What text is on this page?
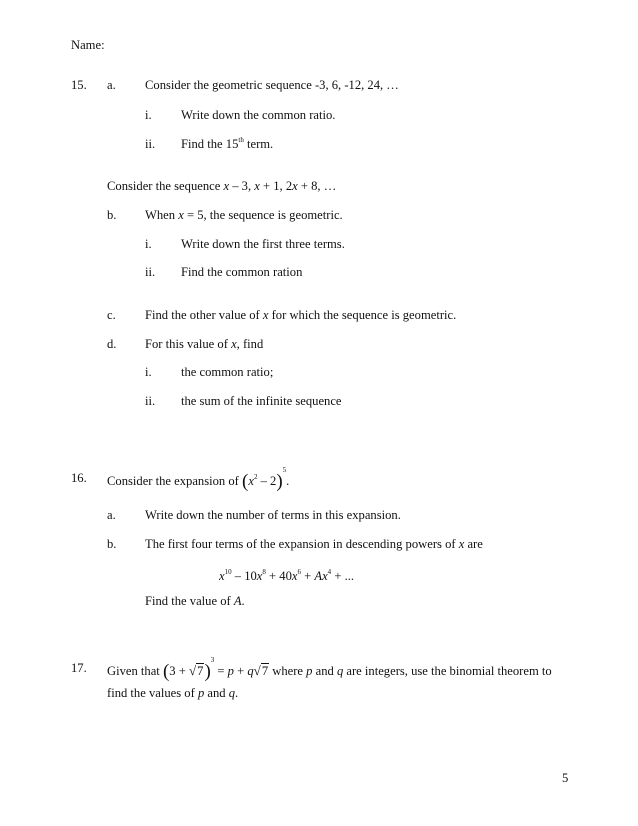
Name:
15. a. Consider the geometric sequence -3, 6, -12, 24, …
i. Write down the common ratio.
ii. Find the 15th term.
Consider the sequence x – 3, x + 1, 2x + 8, …
b. When x = 5, the sequence is geometric.
i. Write down the first three terms.
ii. Find the common ration
c. Find the other value of x for which the sequence is geometric.
d. For this value of x, find
i. the common ratio;
ii. the sum of the infinite sequence
16. Consider the expansion of $(x^2 - 2)^5$.
a. Write down the number of terms in this expansion.
b. The first four terms of the expansion in descending powers of x are
$x^{10} - 10x^8 + 40x^6 + Ax^4$ + ...
Find the value of A.
17. Given that $(3 + √7)^3 = p + q√7$ where p and q are integers, use the binomial theorem to
find the values of p and q.
5
